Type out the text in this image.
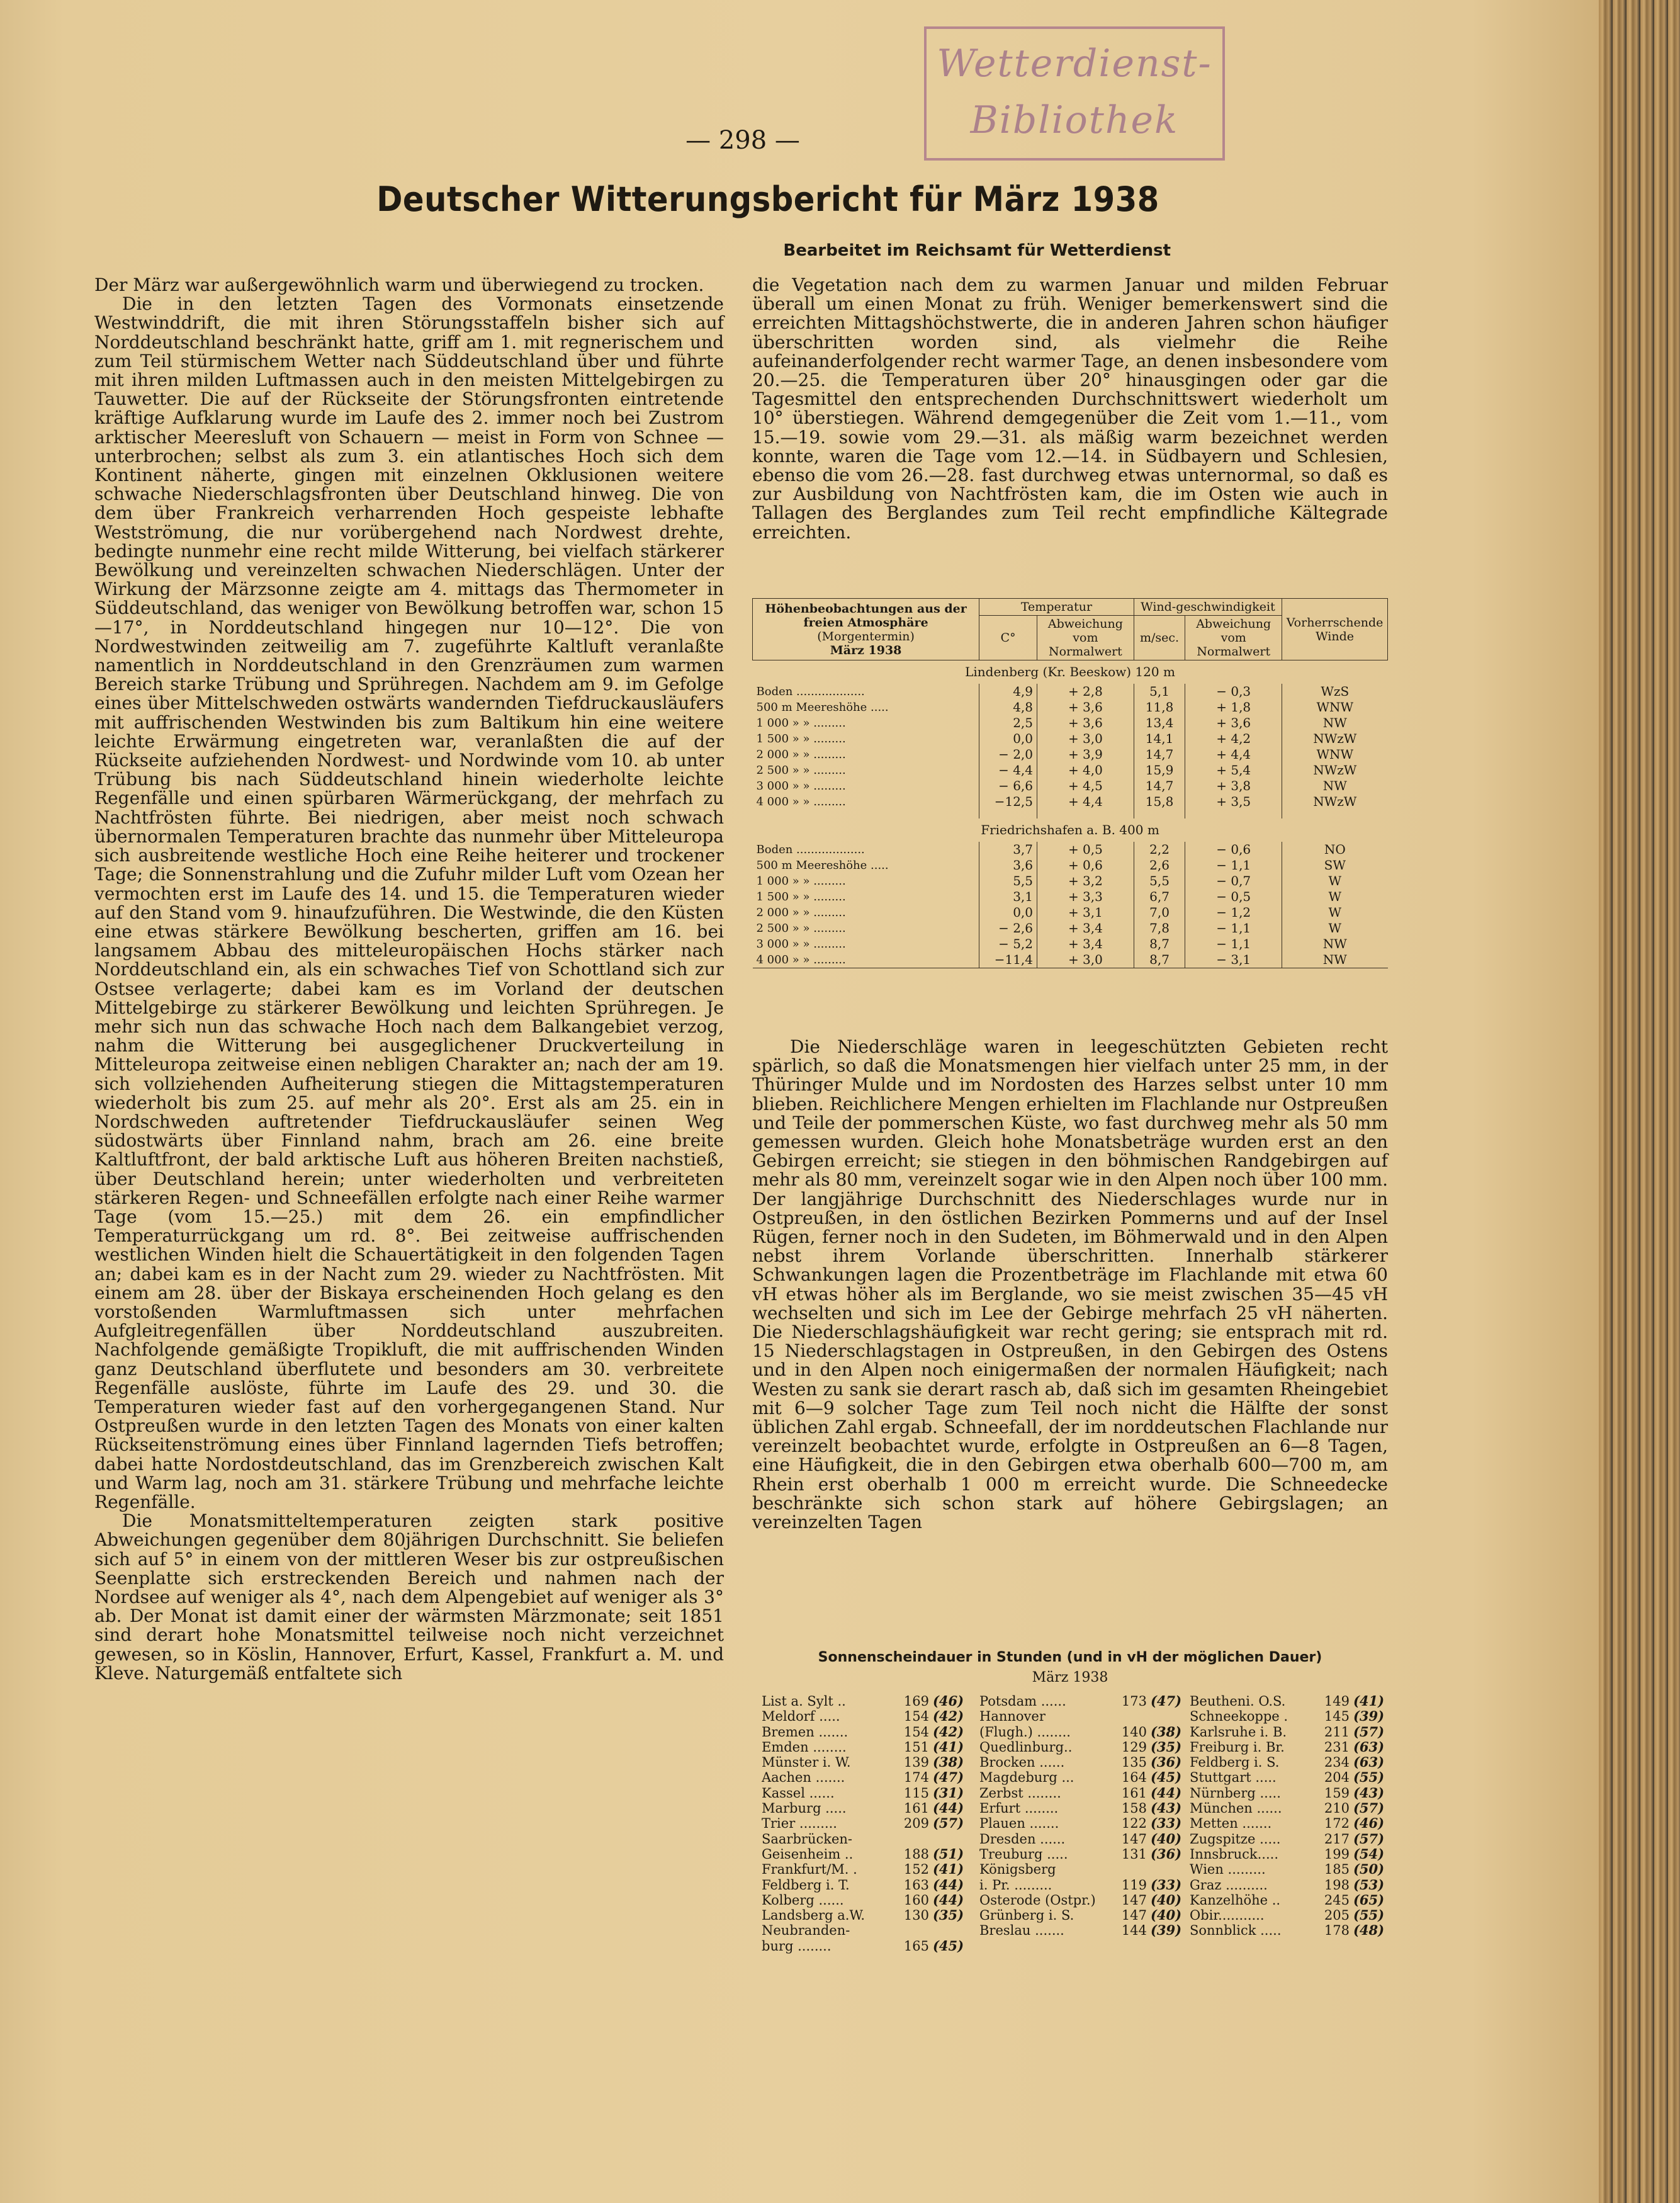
Wetterdienst-
Bibliothek
— 298 —
Deutscher Witterungsbericht für März 1938
Bearbeitet im Reichsamt für Wetterdienst

Der März war außergewöhnlich warm und überwiegend zu trocken.

Die in den letzten Tagen des Vormonats einsetzende Westwinddrift, die mit ihren Störungsstaffeln bisher sich auf Norddeutschland beschränkt hatte, griff am 1. mit regnerischem und zum Teil stürmischem Wetter nach Süddeutschland über und führte mit ihren milden Luftmassen auch in den meisten Mittelgebirgen zu Tauwetter. Die auf der Rückseite der Störungsfronten eintretende kräftige Aufklarung wurde im Laufe des 2. immer noch bei Zustrom arktischer Meeresluft von Schauern — meist in Form von Schnee — unterbrochen; selbst als zum 3. ein atlantisches Hoch sich dem Kontinent näherte, gingen mit einzelnen Okklusionen weitere schwache Niederschlagsfronten über Deutschland hinweg. Die von dem über Frankreich verharrenden Hoch gespeiste lebhafte Westströmung, die nur vorübergehend nach Nordwest drehte, bedingte nunmehr eine recht milde Witterung, bei vielfach stärkerer Bewölkung und vereinzelten schwachen Niederschlägen. Unter der Wirkung der Märzsonne zeigte am 4. mittags das Thermometer in Süddeutschland, das weniger von Bewölkung betroffen war, schon 15—17°, in Norddeutschland hingegen nur 10—12°. Die von Nordwestwinden zeitweilig am 7. zugeführte Kaltluft veranlaßte namentlich in Norddeutschland in den Grenzräumen zum warmen Bereich starke Trübung und Sprühregen. Nachdem am 9. im Gefolge eines über Mittelschweden ostwärts wandernden Tiefdruckausläufers mit auffrischenden Westwinden bis zum Baltikum hin eine weitere leichte Erwärmung eingetreten war, veranlaßten die auf der Rückseite aufziehenden Nordwest- und Nordwinde vom 10. ab unter Trübung bis nach Süddeutschland hinein wiederholte leichte Regenfälle und einen spürbaren Wärmerückgang, der mehrfach zu Nachtfrösten führte. Bei niedrigen, aber meist noch schwach übernormalen Temperaturen brachte das nunmehr über Mitteleuropa sich ausbreitende westliche Hoch eine Reihe heiterer und trockener Tage; die Sonnenstrahlung und die Zufuhr milder Luft vom Ozean her vermochten erst im Laufe des 14. und 15. die Temperaturen wieder auf den Stand vom 9. hinaufzuführen. Die Westwinde, die den Küsten eine etwas stärkere Bewölkung bescherten, griffen am 16. bei langsamem Abbau des mitteleuropäischen Hochs stärker nach Norddeutschland ein, als ein schwaches Tief von Schottland sich zur Ostsee verlagerte; dabei kam es im Vorland der deutschen Mittelgebirge zu stärkerer Bewölkung und leichten Sprühregen. Je mehr sich nun das schwache Hoch nach dem Balkangebiet verzog, nahm die Witterung bei ausgeglichener Druckverteilung in Mitteleuropa zeitweise einen nebligen Charakter an; nach der am 19. sich vollziehenden Aufheiterung stiegen die Mittagstemperaturen wiederholt bis zum 25. auf mehr als 20°. Erst als am 25. ein in Nordschweden auftretender Tiefdruckausläufer seinen Weg südostwärts über Finnland nahm, brach am 26. eine breite Kaltluftfront, der bald arktische Luft aus höheren Breiten nachstieß, über Deutschland herein; unter wiederholten und verbreiteten stärkeren Regen- und Schneefällen erfolgte nach einer Reihe warmer Tage (vom 15.—25.) mit dem 26. ein empfindlicher Temperaturrückgang um rd. 8°. Bei zeitweise auffrischenden westlichen Winden hielt die Schauertätigkeit in den folgenden Tagen an; dabei kam es in der Nacht zum 29. wieder zu Nachtfrösten. Mit einem am 28. über der Biskaya erscheinenden Hoch gelang es den vorstoßenden Warmluftmassen sich unter mehrfachen Aufgleitregenfällen über Norddeutschland auszubreiten. Nachfolgende gemäßigte Tropikluft, die mit auffrischenden Winden ganz Deutschland überflutete und besonders am 30. verbreitete Regenfälle auslöste, führte im Laufe des 29. und 30. die Temperaturen wieder fast auf den vorhergegangenen Stand. Nur Ostpreußen wurde in den letzten Tagen des Monats von einer kalten Rückseitenströmung eines über Finnland lagernden Tiefs betroffen; dabei hatte Nordostdeutschland, das im Grenzbereich zwischen Kalt und Warm lag, noch am 31. stärkere Trübung und mehrfache leichte Regenfälle.

Die Monatsmitteltemperaturen zeigten stark positive Abweichungen gegenüber dem 80jährigen Durchschnitt. Sie beliefen sich auf 5° in einem von der mittleren Weser bis zur ostpreußischen Seenplatte sich erstreckenden Bereich und nahmen nach der Nordsee auf weniger als 4°, nach dem Alpengebiet auf weniger als 3° ab. Der Monat ist damit einer der wärmsten Märzmonate; seit 1851 sind derart hohe Monatsmittel teilweise noch nicht verzeichnet gewesen, so in Köslin, Hannover, Erfurt, Kassel, Frankfurt a. M. und Kleve. Naturgemäß entfaltete sich

die Vegetation nach dem zu warmen Januar und milden Februar überall um einen Monat zu früh. Weniger bemerkenswert sind die erreichten Mittagshöchstwerte, die in anderen Jahren schon häufiger überschritten worden sind, als vielmehr die Reihe aufeinanderfolgender recht warmer Tage, an denen insbesondere vom 20.—25. die Temperaturen über 20° hinausgingen oder gar die Tagesmittel den entsprechenden Durchschnittswert wiederholt um 10° überstiegen. Während demgegenüber die Zeit vom 1.—11., vom 15.—19. sowie vom 29.—31. als mäßig warm bezeichnet werden konnte, waren die Tage vom 12.—14. in Südbayern und Schlesien, ebenso die vom 26.—28. fast durchweg etwas unternormal, so daß es zur Ausbildung von Nachtfrösten kam, die im Osten wie auch in Tallagen des Berglandes zum Teil recht empfindliche Kältegrade erreichten.

Höhenbeobachtungen aus der freien Atmosphäre
(Morgentermin)
März 1938	Temperatur		Wind-geschwindigkeit		Vorherrschende Winde
	C°	Abweichung vom Normalwert	m/sec.	Abweichung vom Normalwert	
Lindenberg (Kr. Beeskow) 120 m					
Boden ...................	4,9	+ 2,8	5,1	− 0,3	WzS
500 m Meereshöhe .....	4,8	+ 3,6	11,8	+ 1,8	WNW
1 000 » » .........	2,5	+ 3,6	13,4	+ 3,6	NW
1 500 » » .........	0,0	+ 3,0	14,1	+ 4,2	NWzW
2 000 » » .........	− 2,0	+ 3,9	14,7	+ 4,4	WNW
2 500 » » .........	− 4,4	+ 4,0	15,9	+ 5,4	NWzW
3 000 » » .........	− 6,6	+ 4,5	14,7	+ 3,8	NW
4 000 » » .........	−12,5	+ 4,4	15,8	+ 3,5	NWzW

Friedrichshafen a. B. 400 m					
Boden ...................	3,7	+ 0,5	2,2	− 0,6	NO
500 m Meereshöhe .....	3,6	+ 0,6	2,6	− 1,1	SW
1 000 » » .........	5,5	+ 3,2	5,5	− 0,7	W
1 500 » » .........	3,1	+ 3,3	6,7	− 0,5	W
2 000 » » .........	0,0	+ 3,1	7,0	− 1,2	W
2 500 » » .........	− 2,6	+ 3,4	7,8	− 1,1	W
3 000 » » .........	− 5,2	+ 3,4	8,7	− 1,1	NW
4 000 » » .........	−11,4	+ 3,0	8,7	− 3,1	NW

Die Niederschläge waren in leegeschützten Gebieten recht spärlich, so daß die Monatsmengen hier vielfach unter 25 mm, in der Thüringer Mulde und im Nordosten des Harzes selbst unter 10 mm blieben. Reichlichere Mengen erhielten im Flachlande nur Ostpreußen und Teile der pommerschen Küste, wo fast durchweg mehr als 50 mm gemessen wurden. Gleich hohe Monatsbeträge wurden erst an den Gebirgen erreicht; sie stiegen in den böhmischen Randgebirgen auf mehr als 80 mm, vereinzelt sogar wie in den Alpen noch über 100 mm. Der langjährige Durchschnitt des Niederschlages wurde nur in Ostpreußen, in den östlichen Bezirken Pommerns und auf der Insel Rügen, ferner noch in den Sudeten, im Böhmerwald und in den Alpen nebst ihrem Vorlande überschritten. Innerhalb stärkerer Schwankungen lagen die Prozentbeträge im Flachlande mit etwa 60 vH etwas höher als im Berglande, wo sie meist zwischen 35—45 vH wechselten und sich im Lee der Gebirge mehrfach 25 vH näherten. Die Niederschlagshäufigkeit war recht gering; sie entsprach mit rd. 15 Niederschlagstagen in Ostpreußen, in den Gebirgen des Ostens und in den Alpen noch einigermaßen der normalen Häufigkeit; nach Westen zu sank sie derart rasch ab, daß sich im gesamten Rheingebiet mit 6—9 solcher Tage zum Teil noch nicht die Hälfte der sonst üblichen Zahl ergab. Schneefall, der im norddeutschen Flachlande nur vereinzelt beobachtet wurde, erfolgte in Ostpreußen an 6—8 Tagen, eine Häufigkeit, die in den Gebirgen etwa oberhalb 600—700 m, am Rhein erst oberhalb 1 000 m erreicht wurde. Die Schneedecke beschränkte sich schon stark auf höhere Gebirgslagen; an vereinzelten Tagen

Sonnenscheindauer in Stunden (und in vH der möglichen Dauer)
März 1938
List a. Sylt ..	169 (46)
Meldorf .....	154 (42)
Bremen .......	154 (42)
Emden ........	151 (41)
Münster i. W.	139 (38)
Aachen .......	174 (47)
Kassel ......	115 (31)
Marburg .....	161 (44)
Trier .........	209 (57)
Saarbrücken-
Geisenheim ..	188 (51)
Frankfurt/M. .	152 (41)
Feldberg i. T.	163 (44)
Kolberg ......	160 (44)
Landsberg a.W.	130 (35)
Neubranden-
burg ........	165 (45)
Potsdam ......	173 (47)
Hannover
(Flugh.) ........	140 (38)
Quedlinburg..	129 (35)
Brocken ......	135 (36)
Magdeburg ...	164 (45)
Zerbst ........	161 (44)
Erfurt ........	158 (43)
Plauen .......	122 (33)
Dresden ......	147 (40)
Treuburg .....	131 (36)
Königsberg
i. Pr. .........	119 (33)
Osterode (Ostpr.)	147 (40)
Grünberg i. S.	147 (40)
Breslau .......	144 (39)
Beutheni. O.S.	149 (41)
Schneekoppe .	145 (39)
Karlsruhe i. B.	211 (57)
Freiburg i. Br.	231 (63)
Feldberg i. S.	234 (63)
Stuttgart .....	204 (55)
Nürnberg .....	159 (43)
München ......	210 (57)
Metten .......	172 (46)
Zugspitze .....	217 (57)
Innsbruck.....	199 (54)
Wien .........	185 (50)
Graz ..........	198 (53)
Kanzelhöhe ..	245 (65)
Obir...........	205 (55)
Sonnblick .....	178 (48)
